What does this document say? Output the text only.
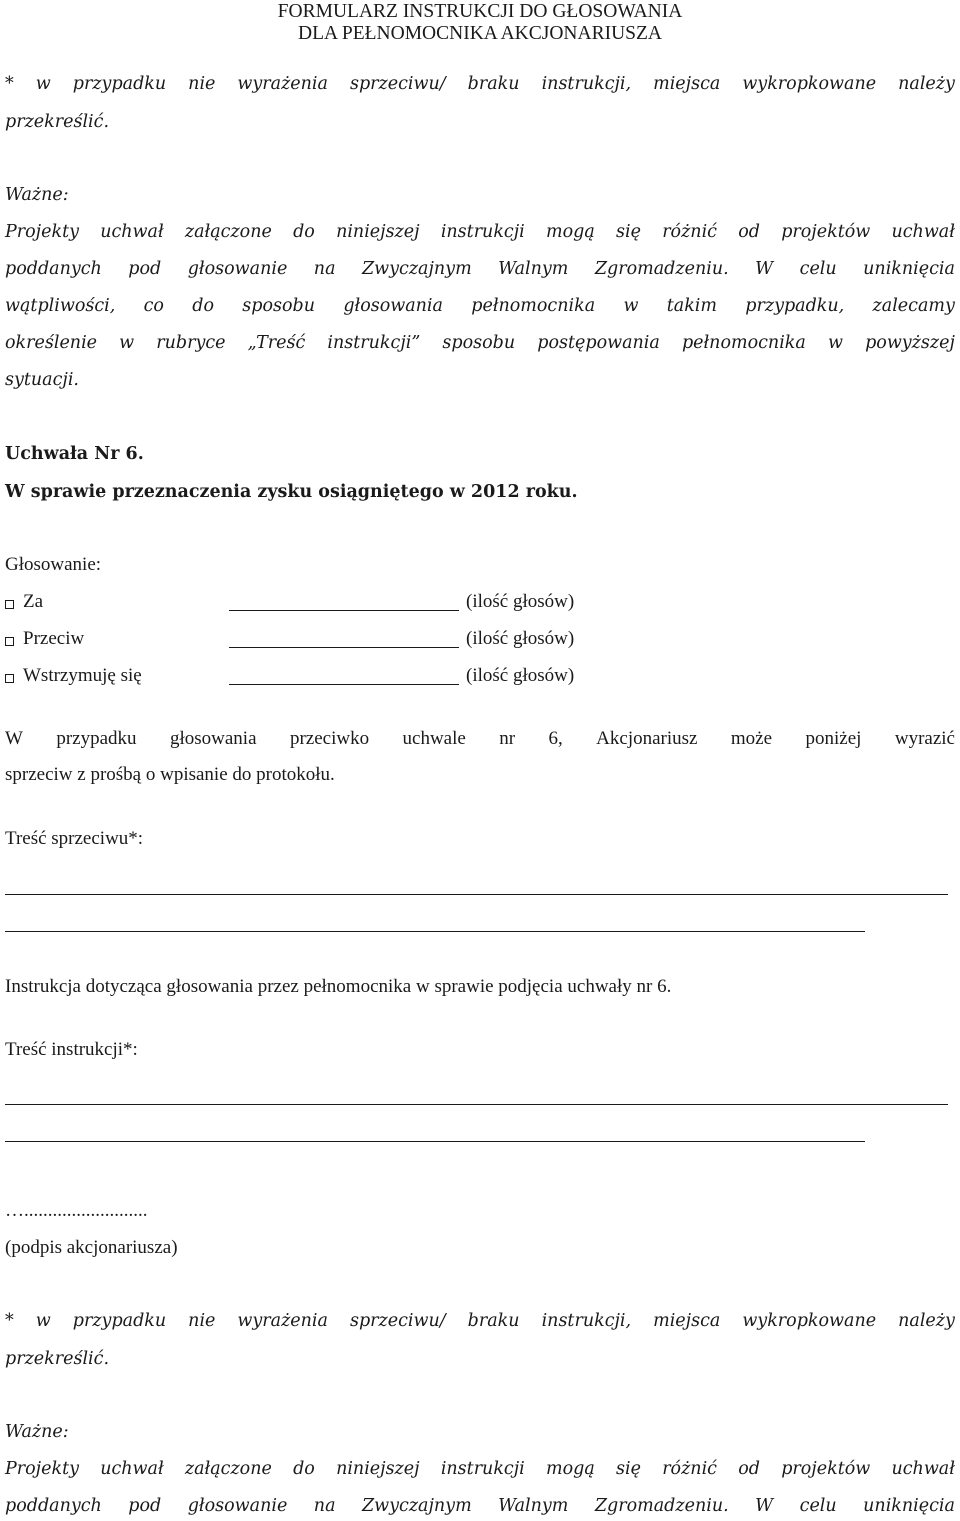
FORMULARZ INSTRUKCJI DO GŁOSOWANIA
DLA PEŁNOMOCNIKA AKCJONARIUSZA
* w przypadku nie wyrażenia sprzeciwu/ braku instrukcji, miejsca wykropkowane należy
przekreślić.
Ważne:
Projekty uchwał załączone do niniejszej instrukcji mogą się różnić od projektów uchwał
poddanych pod głosowanie na Zwyczajnym Walnym Zgromadzeniu. W celu uniknięcia
wątpliwości, co do sposobu głosowania pełnomocnika w takim przypadku, zalecamy
określenie w rubryce „Treść instrukcji” sposobu postępowania pełnomocnika w powyższej
sytuacji.
Uchwała Nr 6.
W sprawie przeznaczenia zysku osiągniętego w 2012 roku.
Głosowanie:
Za	(ilość głosów)
Przeciw	(ilość głosów)
Wstrzymuję się	(ilość głosów)
W przypadku głosowania przeciwko uchwale nr 6, Akcjonariusz może poniżej wyrazić
sprzeciw z prośbą o wpisanie do protokołu.
Treść sprzeciwu*:
Instrukcja dotycząca głosowania przez pełnomocnika w sprawie podjęcia uchwały nr 6.
Treść instrukcji*:
…..........................
(podpis akcjonariusza)
* w przypadku nie wyrażenia sprzeciwu/ braku instrukcji, miejsca wykropkowane należy
przekreślić.
Ważne:
Projekty uchwał załączone do niniejszej instrukcji mogą się różnić od projektów uchwał
poddanych pod głosowanie na Zwyczajnym Walnym Zgromadzeniu. W celu uniknięcia
